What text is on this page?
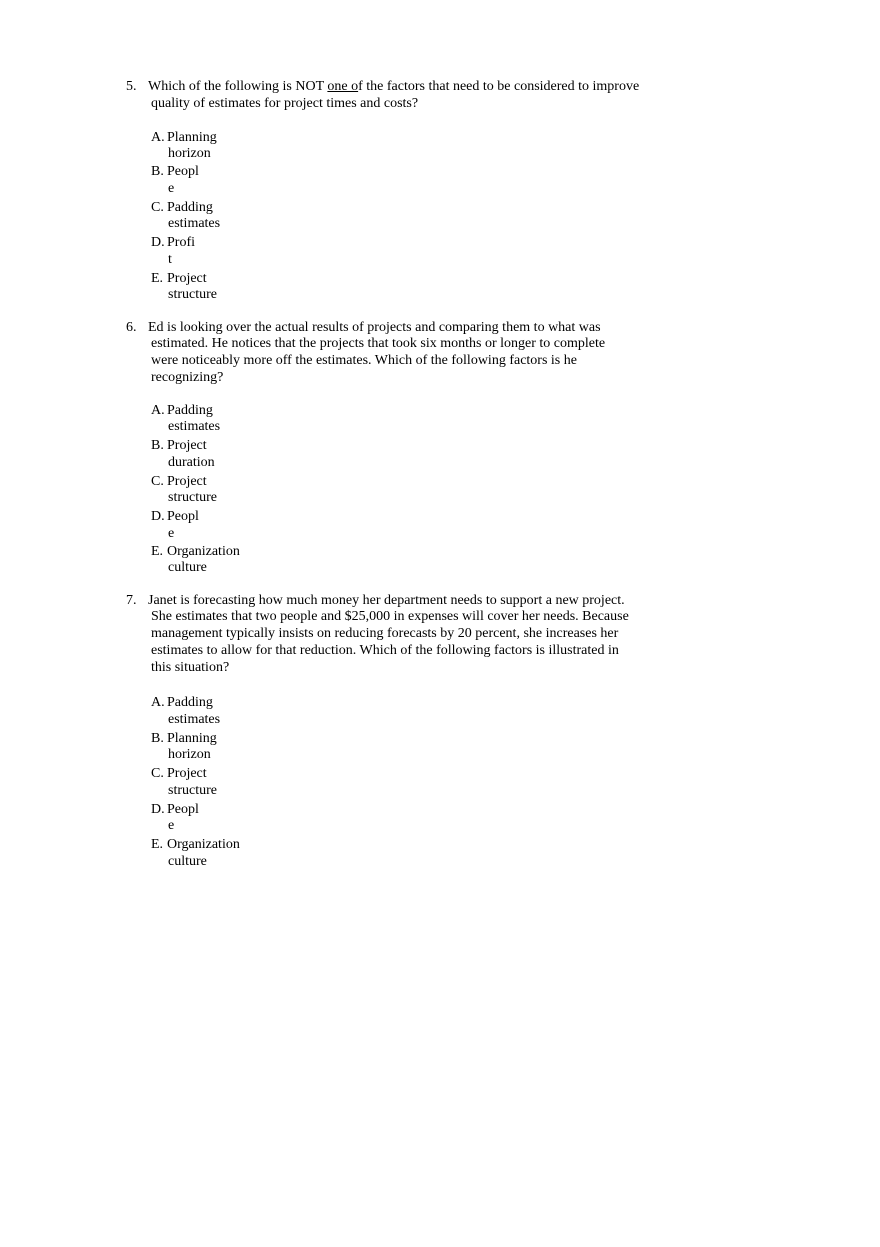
5. Which of the following is NOT one of the factors that need to be considered to improve
quality of estimates for project times and costs?
A. Planning
horizon
B. Peopl
e
C. Padding
estimates
D. Profi
t
E. Project
structure
6. Ed is looking over the actual results of projects and comparing them to what was
estimated. He notices that the projects that took six months or longer to complete
were noticeably more off the estimates. Which of the following factors is he
recognizing?
A. Padding
estimates
B. Project
duration
C. Project
structure
D. Peopl
e
E. Organization
culture
7. Janet is forecasting how much money her department needs to support a new project.
She estimates that two people and $25,000 in expenses will cover her needs. Because
management typically insists on reducing forecasts by 20 percent, she increases her
estimates to allow for that reduction. Which of the following factors is illustrated in
this situation?
A. Padding
estimates
B. Planning
horizon
C. Project
structure
D. Peopl
e
E. Organization
culture
